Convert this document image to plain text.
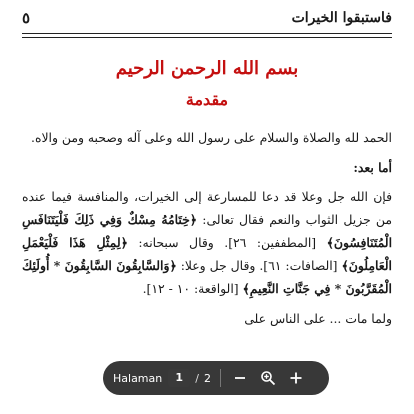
فاستبقوا الخيرات
٥
بسم الله الرحمن الرحيم
مقدمة

الحمد لله والصلاة والسلام على رسول الله وعلى آله وصحبه ومن والاه.

أما بعد:

فإن الله جل وعلا قد دعا للمسارعة إلى الخيرات، والمنافسة فيما عنده من جزيل الثواب والنعم فقال تعالى: ﴿خِتَامُهُ مِسْكٌ وَفِي ذَلِكَ فَلْيَتَنَافَسِ الْمُتَنَافِسُونَ﴾ [المطففين: ٢٦]. وقال سبحانه: ﴿لِمِثْلِ هَذَا فَلْيَعْمَلِ الْعَامِلُونَ﴾ [الصافات: ٦١]. وقال جل وعلا: ﴿وَالسَّابِقُونَ السَّابِقُونَ * أُولَئِكَ الْمُقَرَّبُونَ * فِي جَنَّاتِ النَّعِيمِ﴾ [الواقعة: ١٠ - ١٢].

ولما مات ... على الناس على

Halaman	1	/ 2
